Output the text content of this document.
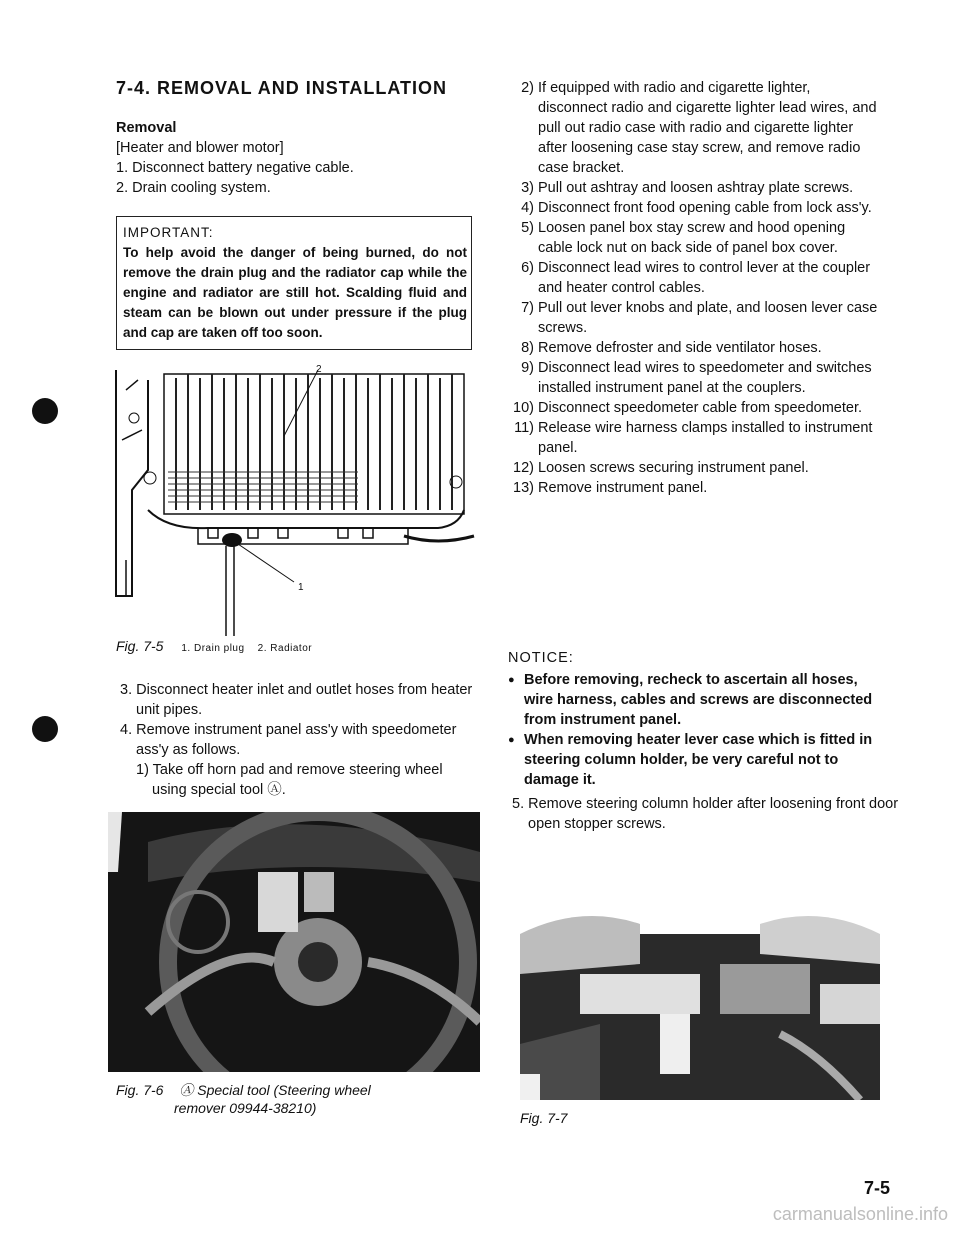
7-4. REMOVAL AND INSTALLATION
Removal
[Heater and blower motor]
1. Disconnect battery negative cable.
2. Drain cooling system.
IMPORTANT:
To help avoid the danger of being burned, do not remove the drain plug and the radiator cap while the engine and radiator are still hot. Scalding fluid and steam can be blown out under pressure if the plug and cap are taken off too soon.
1
2
Fig. 7-5 1. Drain plug    2. Radiator
3. Disconnect heater inlet and outlet hoses from heater unit pipes.
4. Remove instrument panel ass'y with speedometer ass'y as follows.
1) Take off horn pad and remove steering wheel using special tool Ⓐ.
Fig. 7-6 Ⓐ Special tool (Steering wheel
remover 09944-38210)
2) If equipped with radio and cigarette lighter, disconnect radio and cigarette lighter lead wires, and pull out radio case with radio and cigarette lighter after loosening case stay screw, and remove radio case bracket.
3) Pull out ashtray and loosen ashtray plate screws.
4) Disconnect front food opening cable from lock ass'y.
5) Loosen panel box stay screw and hood opening cable lock nut on back side of panel box cover.
6) Disconnect lead wires to control lever at the coupler and heater control cables.
7) Pull out lever knobs and plate, and loosen lever case screws.
8) Remove defroster and side ventilator hoses.
9) Disconnect lead wires to speedometer and switches installed instrument panel at the couplers.
10) Disconnect speedometer cable from speedometer.
11) Release wire harness clamps installed to instrument panel.
12) Loosen screws securing instrument panel.
13) Remove instrument panel.
NOTICE:
● Before removing, recheck to ascertain all hoses, wire harness, cables and screws are disconnected from instrument panel.
● When removing heater lever case which is fitted in steering column holder, be very careful not to damage it.
5. Remove steering column holder after loosening front door open stopper screws.
Fig. 7-7
7-5
carmanualsonline.info
